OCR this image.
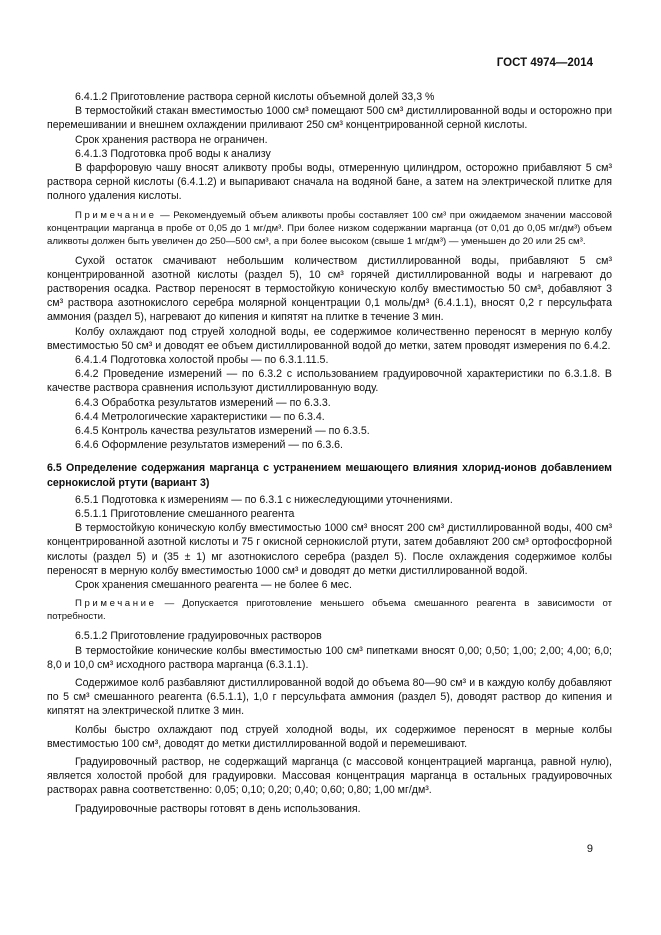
ГОСТ 4974—2014

6.4.1.2 Приготовление раствора серной кислоты объемной долей 33,3 %

В термостойкий стакан вместимостью 1000 см³ помещают 500 см³ дистиллированной воды и осторожно при перемешивании и внешнем охлаждении приливают 250 см³ концентрированной серной кислоты.

Срок хранения раствора не ограничен.

6.4.1.3 Подготовка проб воды к анализу

В фарфоровую чашу вносят аликвоту пробы воды, отмеренную цилиндром, осторожно прибавляют 5 см³ раствора серной кислоты (6.4.1.2) и выпаривают сначала на водяной бане, а затем на электрической плитке для полного удаления кислоты.

Примечание — Рекомендуемый объем аликвоты пробы составляет 100 см³ при ожидаемом значении массовой концентрации марганца в пробе от 0,05 до 1 мг/дм³. При более низком содержании марганца (от 0,01 до 0,05 мг/дм³) объем аликвоты должен быть увеличен до 250—500 см³, а при более высоком (свыше 1 мг/дм³) — уменьшен до 20 или 25 см³.

Сухой остаток смачивают небольшим количеством дистиллированной воды, прибавляют 5 см³ концентрированной азотной кислоты (раздел 5), 10 см³ горячей дистиллированной воды и нагревают до растворения осадка. Раствор переносят в термостойкую коническую колбу вместимостью 50 см³, добавляют 3 см³ раствора азотнокислого серебра молярной концентрации 0,1 моль/дм³ (6.4.1.1), вносят 0,2 г персульфата аммония (раздел 5), нагревают до кипения и кипятят на плитке в течение 3 мин.

Колбу охлаждают под струей холодной воды, ее содержимое количественно переносят в мерную колбу вместимостью 50 см³ и доводят ее объем дистиллированной водой до метки, затем проводят измерения по 6.4.2.

6.4.1.4 Подготовка холостой пробы — по 6.3.1.11.5.

6.4.2 Проведение измерений — по 6.3.2 с использованием градуировочной характеристики по 6.3.1.8. В качестве раствора сравнения используют дистиллированную воду.

6.4.3 Обработка результатов измерений — по 6.3.3.

6.4.4 Метрологические характеристики — по 6.3.4.

6.4.5 Контроль качества результатов измерений — по 6.3.5.

6.4.6 Оформление результатов измерений — по 6.3.6.

6.5 Определение содержания марганца с устранением мешающего влияния хлорид-ионов добавлением сернокислой ртути (вариант 3)

6.5.1 Подготовка к измерениям — по 6.3.1 с нижеследующими уточнениями.

6.5.1.1 Приготовление смешанного реагента

В термостойкую коническую колбу вместимостью 1000 см³ вносят 200 см³ дистиллированной воды, 400 см³ концентрированной азотной кислоты и 75 г окисной сернокислой ртути, затем добавляют 200 см³ ортофосфорной кислоты (раздел 5) и (35 ± 1) мг азотнокислого серебра (раздел 5). После охлаждения содержимое колбы переносят в мерную колбу вместимостью 1000 см³ и доводят до метки дистиллированной водой.

Срок хранения смешанного реагента — не более 6 мес.

Примечание — Допускается приготовление меньшего объема смешанного реагента в зависимости от потребности.

6.5.1.2 Приготовление градуировочных растворов

В термостойкие конические колбы вместимостью 100 см³ пипетками вносят 0,00; 0,50; 1,00; 2,00; 4,00; 6,0; 8,0 и 10,0 см³ исходного раствора марганца (6.3.1.1).

Содержимое колб разбавляют дистиллированной водой до объема 80—90 см³ и в каждую колбу добавляют по 5 см³ смешанного реагента (6.5.1.1), 1,0 г персульфата аммония (раздел 5), доводят раствор до кипения и кипятят на электрической плитке 3 мин.

Колбы быстро охлаждают под струей холодной воды, их содержимое переносят в мерные колбы вместимостью 100 см³, доводят до метки дистиллированной водой и перемешивают.

Градуировочный раствор, не содержащий марганца (с массовой концентрацией марганца, равной нулю), является холостой пробой для градуировки. Массовая концентрация марганца в остальных градуировочных растворах равна соответственно: 0,05; 0,10; 0,20; 0,40; 0,60; 0,80; 1,00 мг/дм³.

Градуировочные растворы готовят в день использования.

9
